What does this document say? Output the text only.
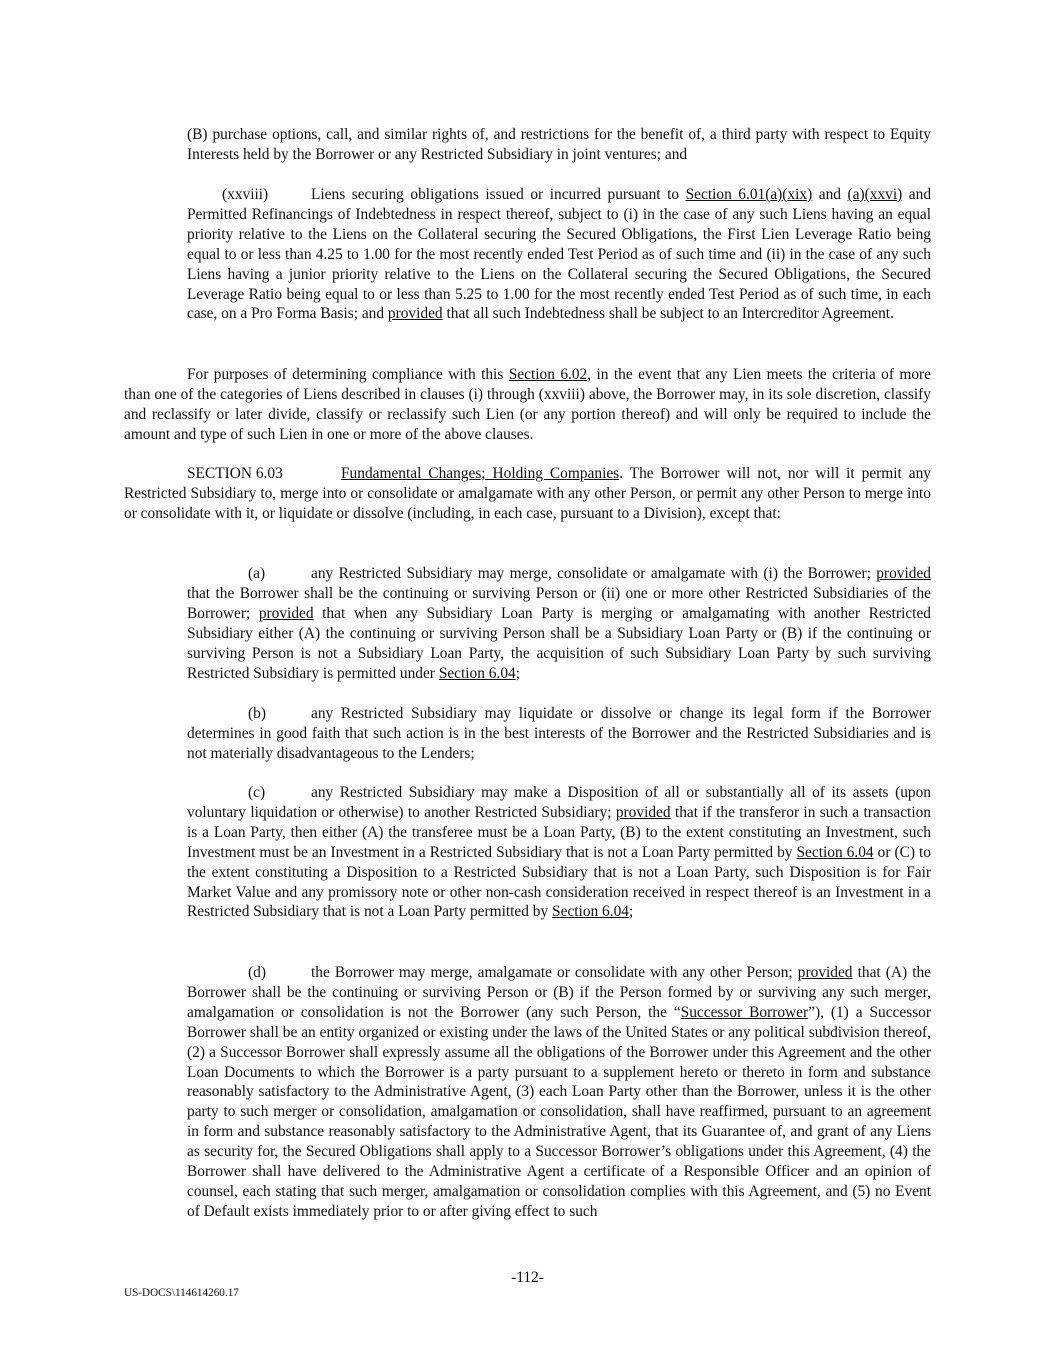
(B) purchase options, call, and similar rights of, and restrictions for the benefit of, a third party with respect to Equity Interests held by the Borrower or any Restricted Subsidiary in joint ventures; and

(xxviii)	Liens securing obligations issued or incurred pursuant to Section 6.01(a)(xix) and (a)(xxvi) and Permitted Refinancings of Indebtedness in respect thereof, subject to (i) in the case of any such Liens having an equal priority relative to the Liens on the Collateral securing the Secured Obligations, the First Lien Leverage Ratio being equal to or less than 4.25 to 1.00 for the most recently ended Test Period as of such time and (ii) in the case of any such Liens having a junior priority relative to the Liens on the Collateral securing the Secured Obligations, the Secured Leverage Ratio being equal to or less than 5.25 to 1.00 for the most recently ended Test Period as of such time, in each case, on a Pro Forma Basis; and provided that all such Indebtedness shall be subject to an Intercreditor Agreement.

For purposes of determining compliance with this Section 6.02, in the event that any Lien meets the criteria of more than one of the categories of Liens described in clauses (i) through (xxviii) above, the Borrower may, in its sole discretion, classify and reclassify or later divide, classify or reclassify such Lien (or any portion thereof) and will only be required to include the amount and type of such Lien in one or more of the above clauses.

SECTION 6.03	Fundamental Changes; Holding Companies. The Borrower will not, nor will it permit any Restricted Subsidiary to, merge into or consolidate or amalgamate with any other Person, or permit any other Person to merge into or consolidate with it, or liquidate or dissolve (including, in each case, pursuant to a Division), except that:

(a)	any Restricted Subsidiary may merge, consolidate or amalgamate with (i) the Borrower; provided that the Borrower shall be the continuing or surviving Person or (ii) one or more other Restricted Subsidiaries of the Borrower; provided that when any Subsidiary Loan Party is merging or amalgamating with another Restricted Subsidiary either (A) the continuing or surviving Person shall be a Subsidiary Loan Party or (B) if the continuing or surviving Person is not a Subsidiary Loan Party, the acquisition of such Subsidiary Loan Party by such surviving Restricted Subsidiary is permitted under Section 6.04;

(b)	any Restricted Subsidiary may liquidate or dissolve or change its legal form if the Borrower determines in good faith that such action is in the best interests of the Borrower and the Restricted Subsidiaries and is not materially disadvantageous to the Lenders;

(c)	any Restricted Subsidiary may make a Disposition of all or substantially all of its assets (upon voluntary liquidation or otherwise) to another Restricted Subsidiary; provided that if the transferor in such a transaction is a Loan Party, then either (A) the transferee must be a Loan Party, (B) to the extent constituting an Investment, such Investment must be an Investment in a Restricted Subsidiary that is not a Loan Party permitted by Section 6.04 or (C) to the extent constituting a Disposition to a Restricted Subsidiary that is not a Loan Party, such Disposition is for Fair Market Value and any promissory note or other non-cash consideration received in respect thereof is an Investment in a Restricted Subsidiary that is not a Loan Party permitted by Section 6.04;

(d)	the Borrower may merge, amalgamate or consolidate with any other Person; provided that (A) the Borrower shall be the continuing or surviving Person or (B) if the Person formed by or surviving any such merger, amalgamation or consolidation is not the Borrower (any such Person, the “Successor Borrower”), (1) a Successor Borrower shall be an entity organized or existing under the laws of the United States or any political subdivision thereof, (2) a Successor Borrower shall expressly assume all the obligations of the Borrower under this Agreement and the other Loan Documents to which the Borrower is a party pursuant to a supplement hereto or thereto in form and substance reasonably satisfactory to the Administrative Agent, (3) each Loan Party other than the Borrower, unless it is the other party to such merger or consolidation, amalgamation or consolidation, shall have reaffirmed, pursuant to an agreement in form and substance reasonably satisfactory to the Administrative Agent, that its Guarantee of, and grant of any Liens as security for, the Secured Obligations shall apply to a Successor Borrower’s obligations under this Agreement, (4) the Borrower shall have delivered to the Administrative Agent a certificate of a Responsible Officer and an opinion of counsel, each stating that such merger, amalgamation or consolidation complies with this Agreement, and (5) no Event of Default exists immediately prior to or after giving effect to such

-112-
US-DOCS\114614260.17
